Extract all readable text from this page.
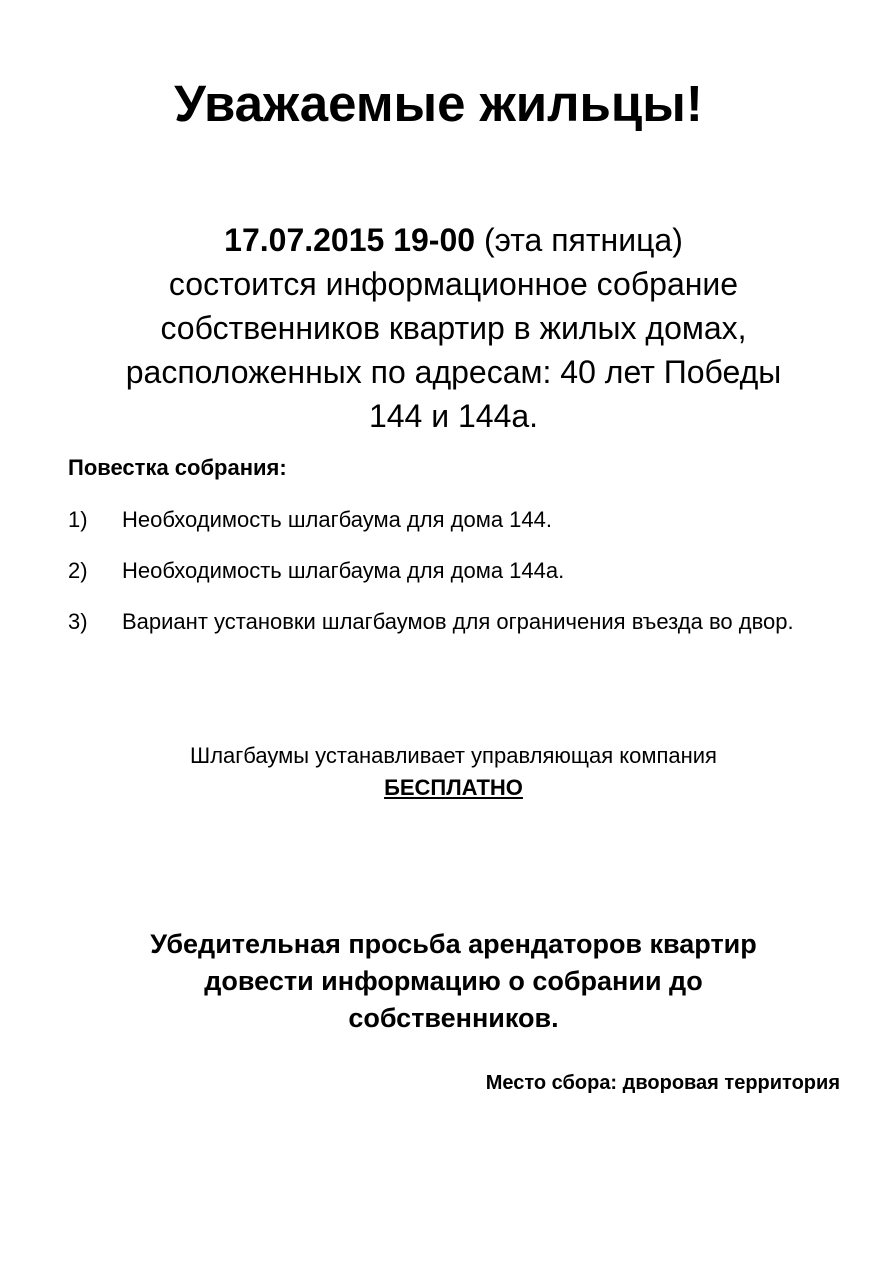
Уважаемые жильцы!
17.07.2015 19-00 (эта пятница)
состоится информационное собрание
собственников квартир в жилых домах,
расположенных по адресам: 40 лет Победы
144 и 144а.
Повестка собрания:
1)	Необходимость шлагбаума для дома 144.
2)	Необходимость шлагбаума для дома 144а.
3)	Вариант установки шлагбаумов для ограничения въезда во двор.
Шлагбаумы устанавливает управляющая компания
БЕСПЛАТНО
Убедительная просьба арендаторов квартир
довести информацию о собрании до
собственников.
Место сбора: дворовая территория
